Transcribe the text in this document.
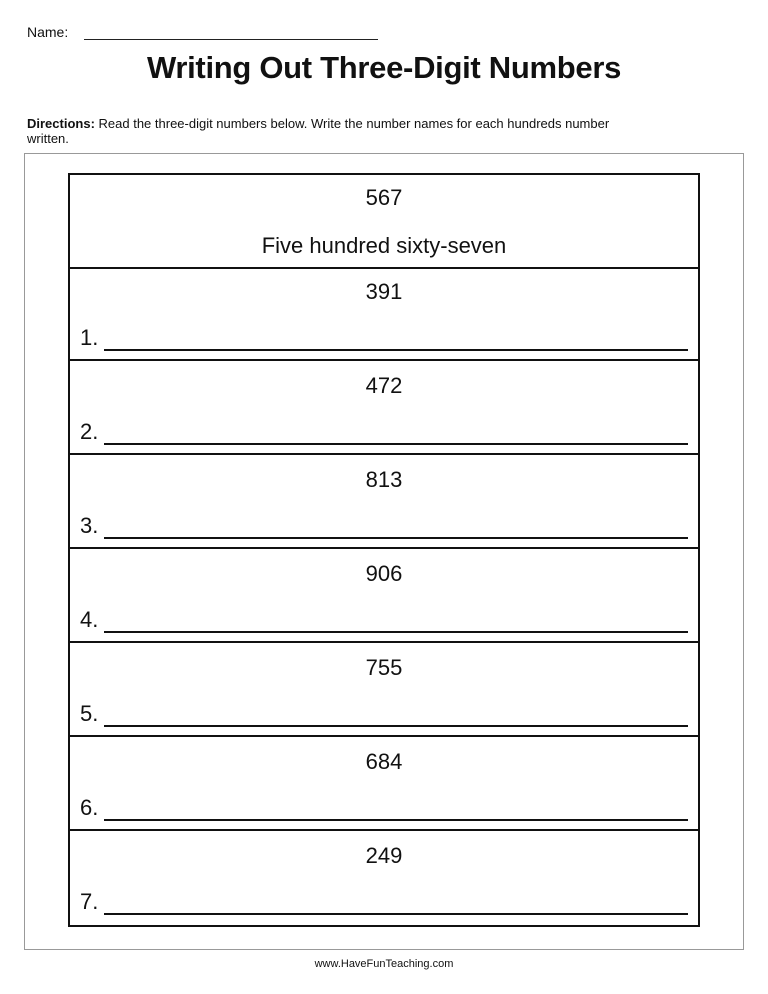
Name:
Writing Out Three-Digit Numbers
Directions: Read the three-digit numbers below. Write the number names for each hundreds number written.
567
Five hundred sixty-seven
391
1.
472
2.
813
3.
906
4.
755
5.
684
6.
249
7.
www.HaveFunTeaching.com
